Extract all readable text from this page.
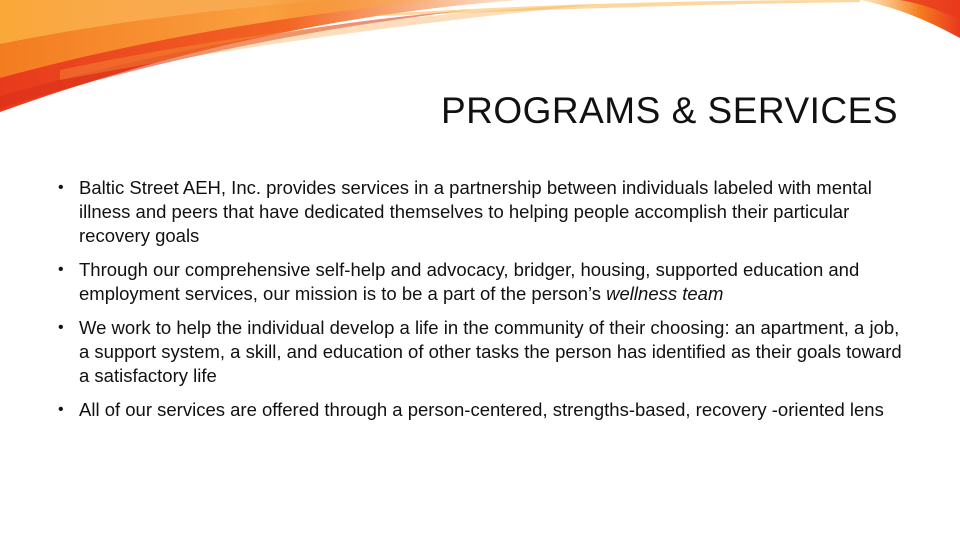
PROGRAMS & SERVICES
• Baltic Street AEH, Inc. provides services in a partnership between individuals labeled with mental illness and peers that have dedicated themselves to helping people accomplish their particular recovery goals
• Through our comprehensive self-help and advocacy, bridger, housing, supported education and employment services, our mission is to be a part of the person’s wellness team
• We work to help the individual develop a life in the community of their choosing: an apartment, a job, a support system, a skill, and education of other tasks the person has identified as their goals toward a satisfactory life
• All of our services are offered through a person-centered, strengths-based, recovery -oriented lens
